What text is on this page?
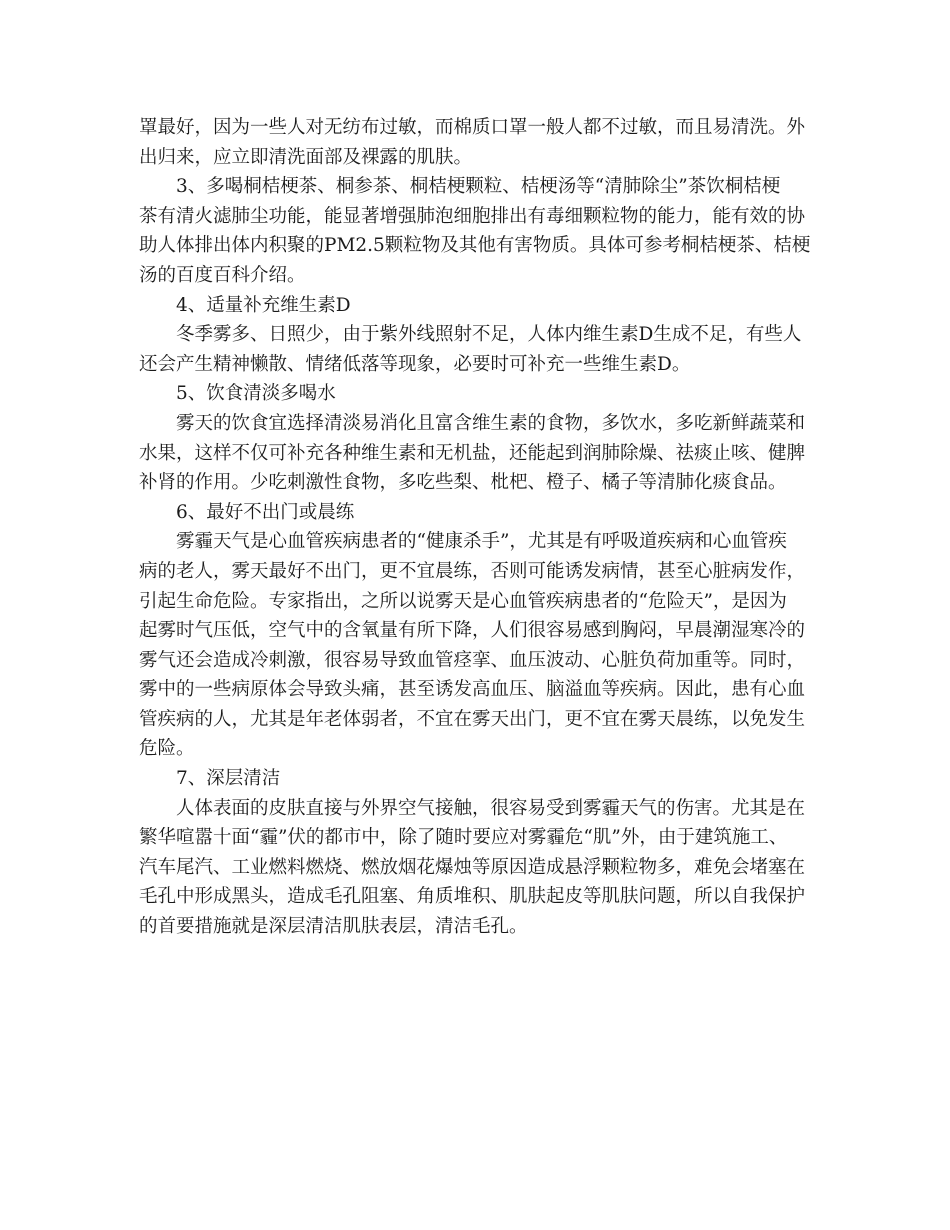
罩最好，因为一些人对无纺布过敏，而棉质口罩一般人都不过敏，而且易清洗。外
出归来，应立即清洗面部及裸露的肌肤。
3、多喝桐桔梗茶、桐参茶、桐桔梗颗粒、桔梗汤等“清肺除尘”茶饮桐桔梗
茶有清火滤肺尘功能，能显著增强肺泡细胞排出有毒细颗粒物的能力，能有效的协
助人体排出体内积聚的PM2.5颗粒物及其他有害物质。具体可参考桐桔梗茶、桔梗
汤的百度百科介绍。
4、适量补充维生素D
冬季雾多、日照少，由于紫外线照射不足，人体内维生素D生成不足，有些人
还会产生精神懒散、情绪低落等现象，必要时可补充一些维生素D。
5、饮食清淡多喝水
雾天的饮食宜选择清淡易消化且富含维生素的食物，多饮水，多吃新鲜蔬菜和
水果，这样不仅可补充各种维生素和无机盐，还能起到润肺除燥、祛痰止咳、健脾
补肾的作用。少吃刺激性食物，多吃些梨、枇杷、橙子、橘子等清肺化痰食品。
6、最好不出门或晨练
雾霾天气是心血管疾病患者的“健康杀手”，尤其是有呼吸道疾病和心血管疾
病的老人，雾天最好不出门，更不宜晨练，否则可能诱发病情，甚至心脏病发作，
引起生命危险。专家指出，之所以说雾天是心血管疾病患者的“危险天”，是因为
起雾时气压低，空气中的含氧量有所下降，人们很容易感到胸闷，早晨潮湿寒冷的
雾气还会造成冷刺激，很容易导致血管痉挛、血压波动、心脏负荷加重等。同时，
雾中的一些病原体会导致头痛，甚至诱发高血压、脑溢血等疾病。因此，患有心血
管疾病的人，尤其是年老体弱者，不宜在雾天出门，更不宜在雾天晨练，以免发生
危险。
7、深层清洁
人体表面的皮肤直接与外界空气接触，很容易受到雾霾天气的伤害。尤其是在
繁华喧嚣十面“霾”伏的都市中，除了随时要应对雾霾危“肌”外，由于建筑施工、
汽车尾汽、工业燃料燃烧、燃放烟花爆烛等原因造成悬浮颗粒物多，难免会堵塞在
毛孔中形成黑头，造成毛孔阻塞、角质堆积、肌肤起皮等肌肤问题，所以自我保护
的首要措施就是深层清洁肌肤表层，清洁毛孔。
